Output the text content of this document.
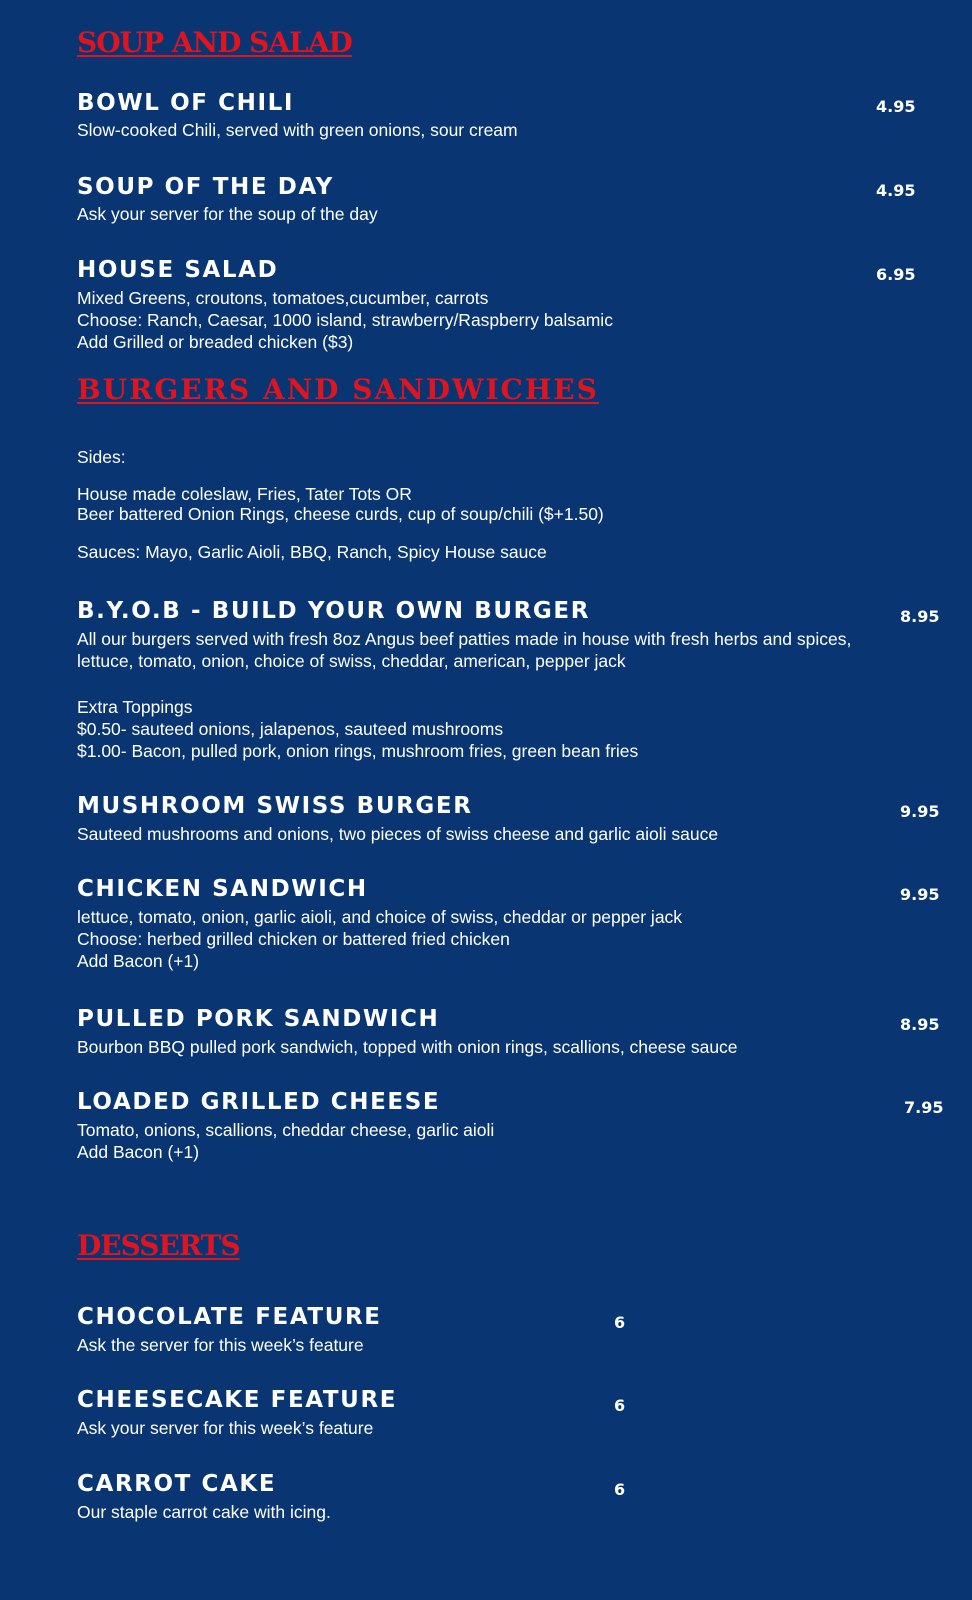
SOUP AND SALAD
BOWL OF CHILI	4.95
Slow-cooked Chili, served with green onions, sour cream
SOUP OF THE DAY	4.95
Ask your server for the soup of the day
HOUSE SALAD	6.95
Mixed Greens, croutons, tomatoes,cucumber, carrots
Choose: Ranch, Caesar, 1000 island, strawberry/Raspberry balsamic
Add Grilled or breaded chicken ($3)
BURGERS AND SANDWICHES
Sides:
House made coleslaw, Fries, Tater Tots OR
Beer battered Onion Rings, cheese curds, cup of soup/chili ($+1.50)
Sauces: Mayo, Garlic Aioli, BBQ, Ranch, Spicy House sauce
B.Y.O.B - BUILD YOUR OWN BURGER	8.95
All our burgers served with fresh 8oz Angus beef patties made in house with fresh herbs and spices,
lettuce, tomato, onion, choice of swiss, cheddar, american, pepper jack
Extra Toppings
$0.50- sauteed onions, jalapenos, sauteed mushrooms
$1.00- Bacon, pulled pork, onion rings, mushroom fries, green bean fries
MUSHROOM SWISS BURGER	9.95
Sauteed mushrooms and onions, two pieces of swiss cheese and garlic aioli sauce
CHICKEN SANDWICH	9.95
lettuce, tomato, onion, garlic aioli, and choice of swiss, cheddar or pepper jack
Choose: herbed grilled chicken or battered fried chicken
Add Bacon (+1)
PULLED PORK SANDWICH	8.95
Bourbon BBQ pulled pork sandwich, topped with onion rings, scallions, cheese sauce
LOADED GRILLED CHEESE	7.95
Tomato, onions, scallions, cheddar cheese, garlic aioli
Add Bacon (+1)
DESSERTS
CHOCOLATE FEATURE	6
Ask the server for this week’s feature
CHEESECAKE FEATURE	6
Ask your server for this week’s feature
CARROT CAKE	6
Our staple carrot cake with icing.
